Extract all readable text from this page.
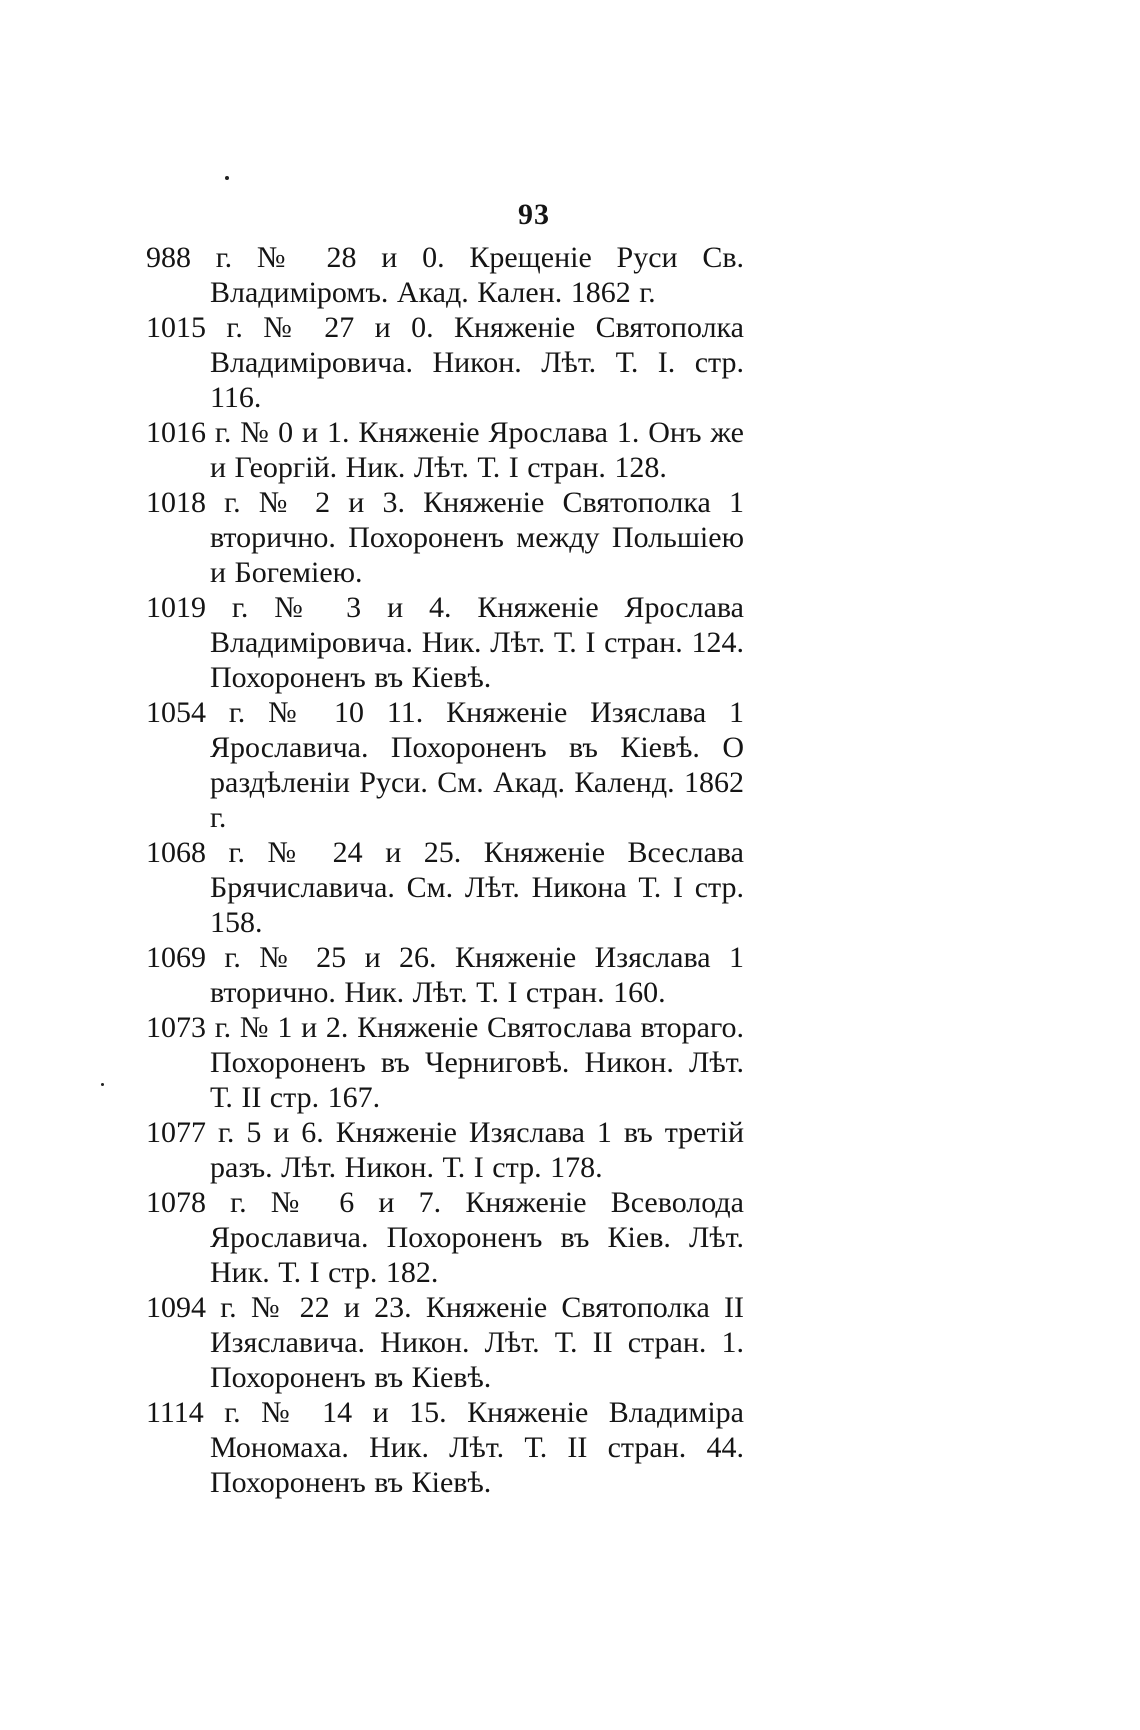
93

988 г. № 28 и 0. Крещеніе Руси Св. Владиміромъ. Акад. Кален. 1862 г.

1015 г. № 27 и 0. Княженіе Святополка Владиміровича. Никон. Лѣт. Т. I. стр. 116.

1016 г. № 0 и 1. Княженіе Ярослава 1. Онъ же и Георгій. Ник. Лѣт. Т. I стран. 128.

1018 г. № 2 и 3. Княженіе Святополка 1 вторично. Похороненъ между Польшіею и Богеміею.

1019 г. № 3 и 4. Княженіе Ярослава Владиміровича. Ник. Лѣт. Т. I стран. 124. Похороненъ въ Кіевѣ.

1054 г. № 10 11. Княженіе Изяслава 1 Ярославича. Похороненъ въ Кіевѣ. О раздѣленіи Руси. См. Акад. Календ. 1862 г.

1068 г. № 24 и 25. Княженіе Всеслава Брячиславича. См. Лѣт. Никона Т. I стр. 158.

1069 г. № 25 и 26. Княженіе Изяслава 1 вторично. Ник. Лѣт. Т. I стран. 160.

1073 г. № 1 и 2. Княженіе Святослава втораго. Похороненъ въ Черниговѣ. Никон. Лѣт. Т. II стр. 167.

1077 г. 5 и 6. Княженіе Изяслава 1 въ третій разъ. Лѣт. Никон. Т. I стр. 178.

1078 г. № 6 и 7. Княженіе Всеволода Ярославича. Похороненъ въ Кіев. Лѣт. Ник. Т. I стр. 182.

1094 г. № 22 и 23. Княженіе Святополка II Изяславича. Никон. Лѣт. Т. II стран. 1. Похороненъ въ Кіевѣ.

1114 г. № 14 и 15. Княженіе Владиміра Мономаха. Ник. Лѣт. Т. II стран. 44. Похороненъ въ Кіевѣ.
